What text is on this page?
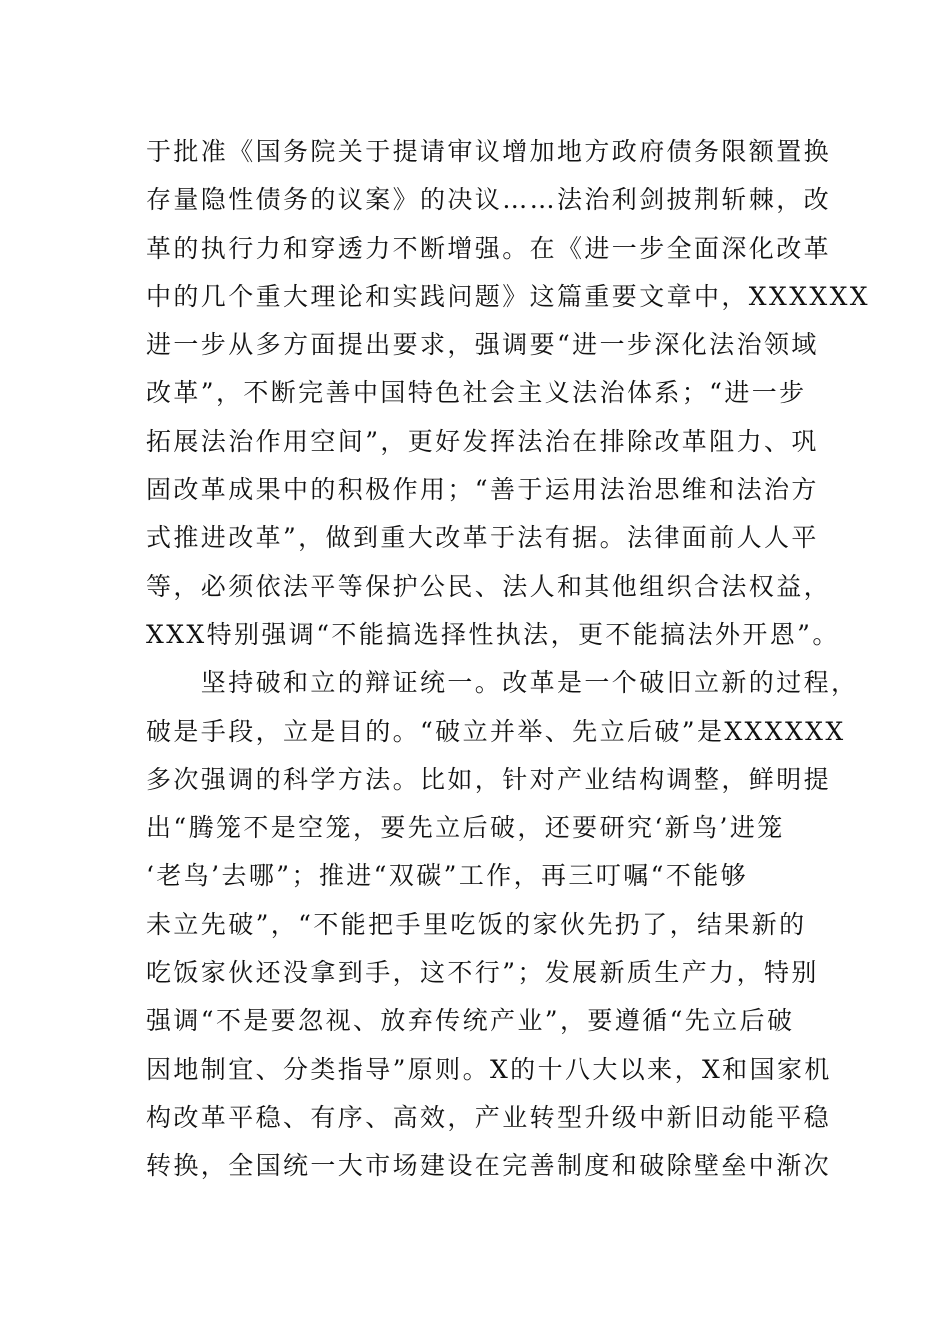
于批准《国务院关于提请审议增加地方政府债务限额置换
存量隐性债务的议案》的决议……法治利剑披荆斩棘，改
革的执行力和穿透力不断增强。在《进一步全面深化改革
中的几个重大理论和实践问题》这篇重要文章中，XXXXXX
进一步从多方面提出要求，强调要“进一步深化法治领域
改革”，不断完善中国特色社会主义法治体系；“进一步
拓展法治作用空间”，更好发挥法治在排除改革阻力、巩
固改革成果中的积极作用；“善于运用法治思维和法治方
式推进改革”，做到重大改革于法有据。法律面前人人平
等，必须依法平等保护公民、法人和其他组织合法权益，
XXX特别强调“不能搞选择性执法，更不能搞法外开恩”。
　　坚持破和立的辩证统一。改革是一个破旧立新的过程，
破是手段，立是目的。“破立并举、先立后破”是XXXXXX
多次强调的科学方法。比如，针对产业结构调整，鲜明提
出“腾笼不是空笼，要先立后破，还要研究‘新鸟’进笼
‘老鸟’去哪”；推进“双碳”工作，再三叮嘱“不能够
未立先破”，“不能把手里吃饭的家伙先扔了，结果新的
吃饭家伙还没拿到手，这不行”；发展新质生产力，特别
强调“不是要忽视、放弃传统产业”，要遵循“先立后破
因地制宜、分类指导”原则。X的十八大以来，X和国家机
构改革平稳、有序、高效，产业转型升级中新旧动能平稳
转换，全国统一大市场建设在完善制度和破除壁垒中渐次
